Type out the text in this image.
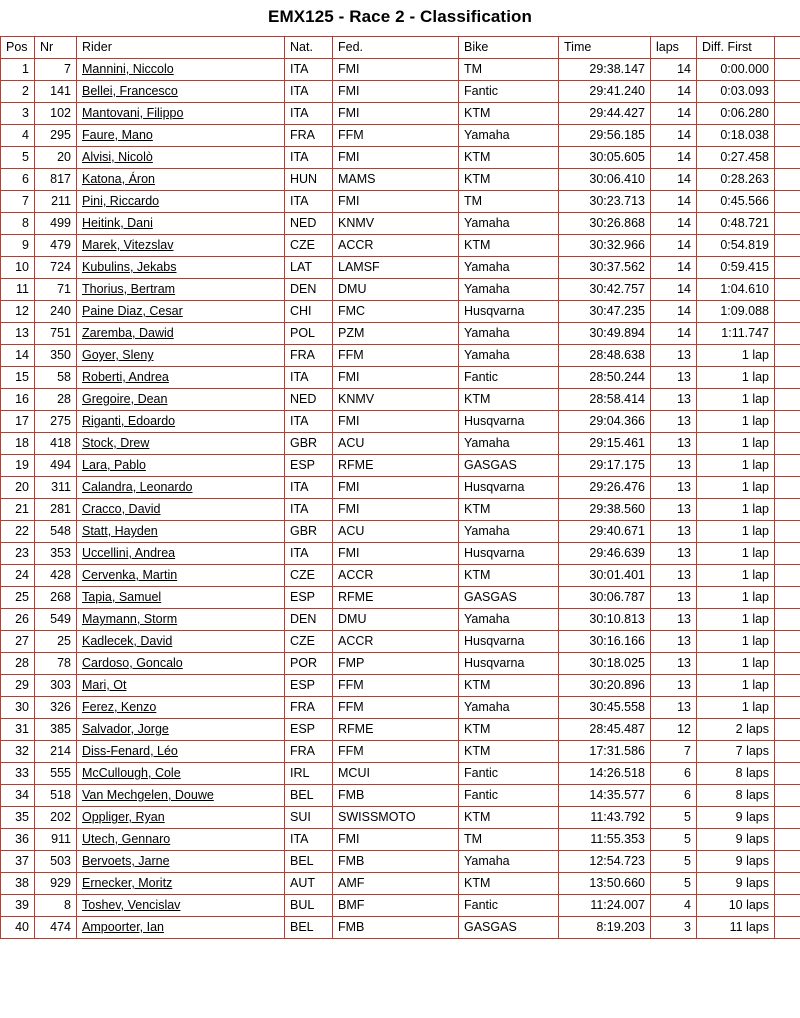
EMX125 - Race 2 - Classification
Pos	Nr	Rider	Nat.	Fed.	Bike	Time	laps	Diff. First	
1	7	Mannini, Niccolo	ITA	FMI	TM	29:38.147	14	0:00.000	
2	141	Bellei, Francesco	ITA	FMI	Fantic	29:41.240	14	0:03.093	
3	102	Mantovani, Filippo	ITA	FMI	KTM	29:44.427	14	0:06.280	
4	295	Faure, Mano	FRA	FFM	Yamaha	29:56.185	14	0:18.038	
5	20	Alvisi, Nicolò	ITA	FMI	KTM	30:05.605	14	0:27.458	
6	817	Katona, Áron	HUN	MAMS	KTM	30:06.410	14	0:28.263	
7	211	Pini, Riccardo	ITA	FMI	TM	30:23.713	14	0:45.566	
8	499	Heitink, Dani	NED	KNMV	Yamaha	30:26.868	14	0:48.721	
9	479	Marek, Vitezslav	CZE	ACCR	KTM	30:32.966	14	0:54.819	
10	724	Kubulins, Jekabs	LAT	LAMSF	Yamaha	30:37.562	14	0:59.415	
11	71	Thorius, Bertram	DEN	DMU	Yamaha	30:42.757	14	1:04.610	
12	240	Paine Diaz, Cesar	CHI	FMC	Husqvarna	30:47.235	14	1:09.088	
13	751	Zaremba, Dawid	POL	PZM	Yamaha	30:49.894	14	1:11.747	
14	350	Goyer, Sleny	FRA	FFM	Yamaha	28:48.638	13	1 lap	
15	58	Roberti, Andrea	ITA	FMI	Fantic	28:50.244	13	1 lap	
16	28	Gregoire, Dean	NED	KNMV	KTM	28:58.414	13	1 lap	
17	275	Riganti, Edoardo	ITA	FMI	Husqvarna	29:04.366	13	1 lap	
18	418	Stock, Drew	GBR	ACU	Yamaha	29:15.461	13	1 lap	
19	494	Lara, Pablo	ESP	RFME	GASGAS	29:17.175	13	1 lap	
20	311	Calandra, Leonardo	ITA	FMI	Husqvarna	29:26.476	13	1 lap	
21	281	Cracco, David	ITA	FMI	KTM	29:38.560	13	1 lap	
22	548	Statt, Hayden	GBR	ACU	Yamaha	29:40.671	13	1 lap	
23	353	Uccellini, Andrea	ITA	FMI	Husqvarna	29:46.639	13	1 lap	
24	428	Cervenka, Martin	CZE	ACCR	KTM	30:01.401	13	1 lap	
25	268	Tapia, Samuel	ESP	RFME	GASGAS	30:06.787	13	1 lap	
26	549	Maymann, Storm	DEN	DMU	Yamaha	30:10.813	13	1 lap	
27	25	Kadlecek, David	CZE	ACCR	Husqvarna	30:16.166	13	1 lap	
28	78	Cardoso, Goncalo	POR	FMP	Husqvarna	30:18.025	13	1 lap	
29	303	Mari, Ot	ESP	FFM	KTM	30:20.896	13	1 lap	
30	326	Ferez, Kenzo	FRA	FFM	Yamaha	30:45.558	13	1 lap	
31	385	Salvador, Jorge	ESP	RFME	KTM	28:45.487	12	2 laps	
32	214	Diss-Fenard, Léo	FRA	FFM	KTM	17:31.586	7	7 laps	
33	555	McCullough, Cole	IRL	MCUI	Fantic	14:26.518	6	8 laps	
34	518	Van Mechgelen, Douwe	BEL	FMB	Fantic	14:35.577	6	8 laps	
35	202	Oppliger, Ryan	SUI	SWISSMOTO	KTM	11:43.792	5	9 laps	
36	911	Utech, Gennaro	ITA	FMI	TM	11:55.353	5	9 laps	
37	503	Bervoets, Jarne	BEL	FMB	Yamaha	12:54.723	5	9 laps	
38	929	Ernecker, Moritz	AUT	AMF	KTM	13:50.660	5	9 laps	
39	8	Toshev, Vencislav	BUL	BMF	Fantic	11:24.007	4	10 laps	
40	474	Ampoorter, Ian	BEL	FMB	GASGAS	8:19.203	3	11 laps	
